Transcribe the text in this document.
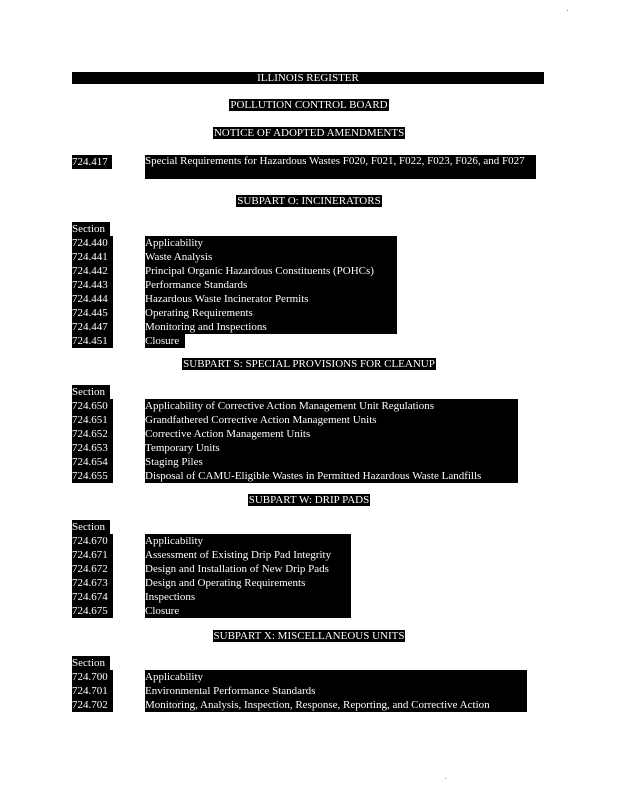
ILLINOIS REGISTER
POLLUTION CONTROL BOARD
NOTICE OF ADOPTED AMENDMENTS
724.417	Special Requirements for Hazardous Wastes F020, F021, F022, F023, F026, and F027
SUBPART O: INCINERATORS
Section
724.440	Applicability
724.441	Waste Analysis
724.442	Principal Organic Hazardous Constituents (POHCs)
724.443	Performance Standards
724.444	Hazardous Waste Incinerator Permits
724.445	Operating Requirements
724.447	Monitoring and Inspections
724.451	Closure
SUBPART S: SPECIAL PROVISIONS FOR CLEANUP
Section
724.650	Applicability of Corrective Action Management Unit Regulations
724.651	Grandfathered Corrective Action Management Units
724.652	Corrective Action Management Units
724.653	Temporary Units
724.654	Staging Piles
724.655	Disposal of CAMU-Eligible Wastes in Permitted Hazardous Waste Landfills
SUBPART W: DRIP PADS
Section
724.670	Applicability
724.671	Assessment of Existing Drip Pad Integrity
724.672	Design and Installation of New Drip Pads
724.673	Design and Operating Requirements
724.674	Inspections
724.675	Closure
SUBPART X: MISCELLANEOUS UNITS
Section
724.700	Applicability
724.701	Environmental Performance Standards
724.702	Monitoring, Analysis, Inspection, Response, Reporting, and Corrective Action
